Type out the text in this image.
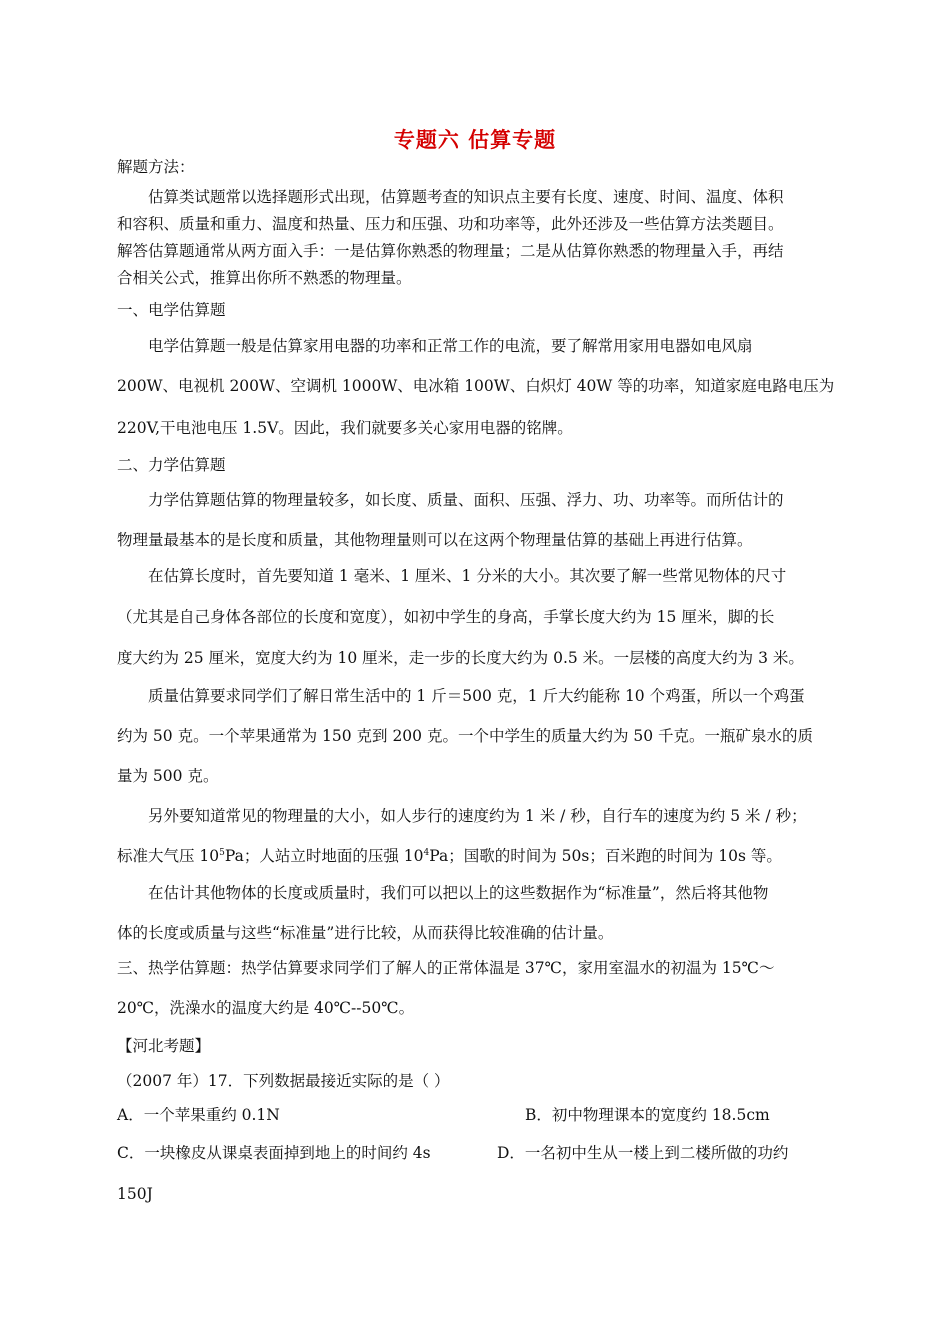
专题六 估算专题
解题方法：
估算类试题常以选择题形式出现，估算题考查的知识点主要有长度、速度、时间、温度、体积
和容积、质量和重力、温度和热量、压力和压强、功和功率等，此外还涉及一些估算方法类题目。
解答估算题通常从两方面入手：一是估算你熟悉的物理量；二是从估算你熟悉的物理量入手，再结
合相关公式，推算出你所不熟悉的物理量。
一、电学估算题
电学估算题一般是估算家用电器的功率和正常工作的电流，要了解常用家用电器如电风扇
200W、电视机 200W、空调机 1000W、电冰箱 100W、白炽灯 40W 等的功率，知道家庭电路电压为
220V,干电池电压 1.5V。因此，我们就要多关心家用电器的铭牌。
二、力学估算题
力学估算题估算的物理量较多，如长度、质量、面积、压强、浮力、功、功率等。而所估计的
物理量最基本的是长度和质量，其他物理量则可以在这两个物理量估算的基础上再进行估算。
在估算长度时，首先要知道 1 毫米、1 厘米、1 分米的大小。其次要了解一些常见物体的尺寸
（尤其是自己身体各部位的长度和宽度），如初中学生的身高，手掌长度大约为 15 厘米，脚的长
度大约为 25 厘米，宽度大约为 10 厘米，走一步的长度大约为 0.5 米。一层楼的高度大约为 3 米。
质量估算要求同学们了解日常生活中的 1 斤＝500 克，1 斤大约能称 10 个鸡蛋，所以一个鸡蛋
约为 50 克。一个苹果通常为 150 克到 200 克。一个中学生的质量大约为 50 千克。一瓶矿泉水的质
量为 500 克。
另外要知道常见的物理量的大小，如人步行的速度约为 1 米 / 秒，自行车的速度为约 5 米 / 秒；
标准大气压 $10^5Pa$；人站立时地面的压强 $10^4Pa$；国歌的时间为 50s；百米跑的时间为 10s 等。
在估计其他物体的长度或质量时，我们可以把以上的这些数据作为“标准量”，然后将其他物
体的长度或质量与这些“标准量”进行比较，从而获得比较准确的估计量。
三、热学估算题：热学估算要求同学们了解人的正常体温是 37℃，家用室温水的初温为 15℃～
20℃，洗澡水的温度大约是 40℃--50℃。
【河北考题】
（2007 年）17．下列数据最接近实际的是（ ）
A．一个苹果重约 0.1N	B．初中物理课本的宽度约 18.5cm
C．一块橡皮从课桌表面掉到地上的时间约 4s	D．一名初中生从一楼上到二楼所做的功约
150J
